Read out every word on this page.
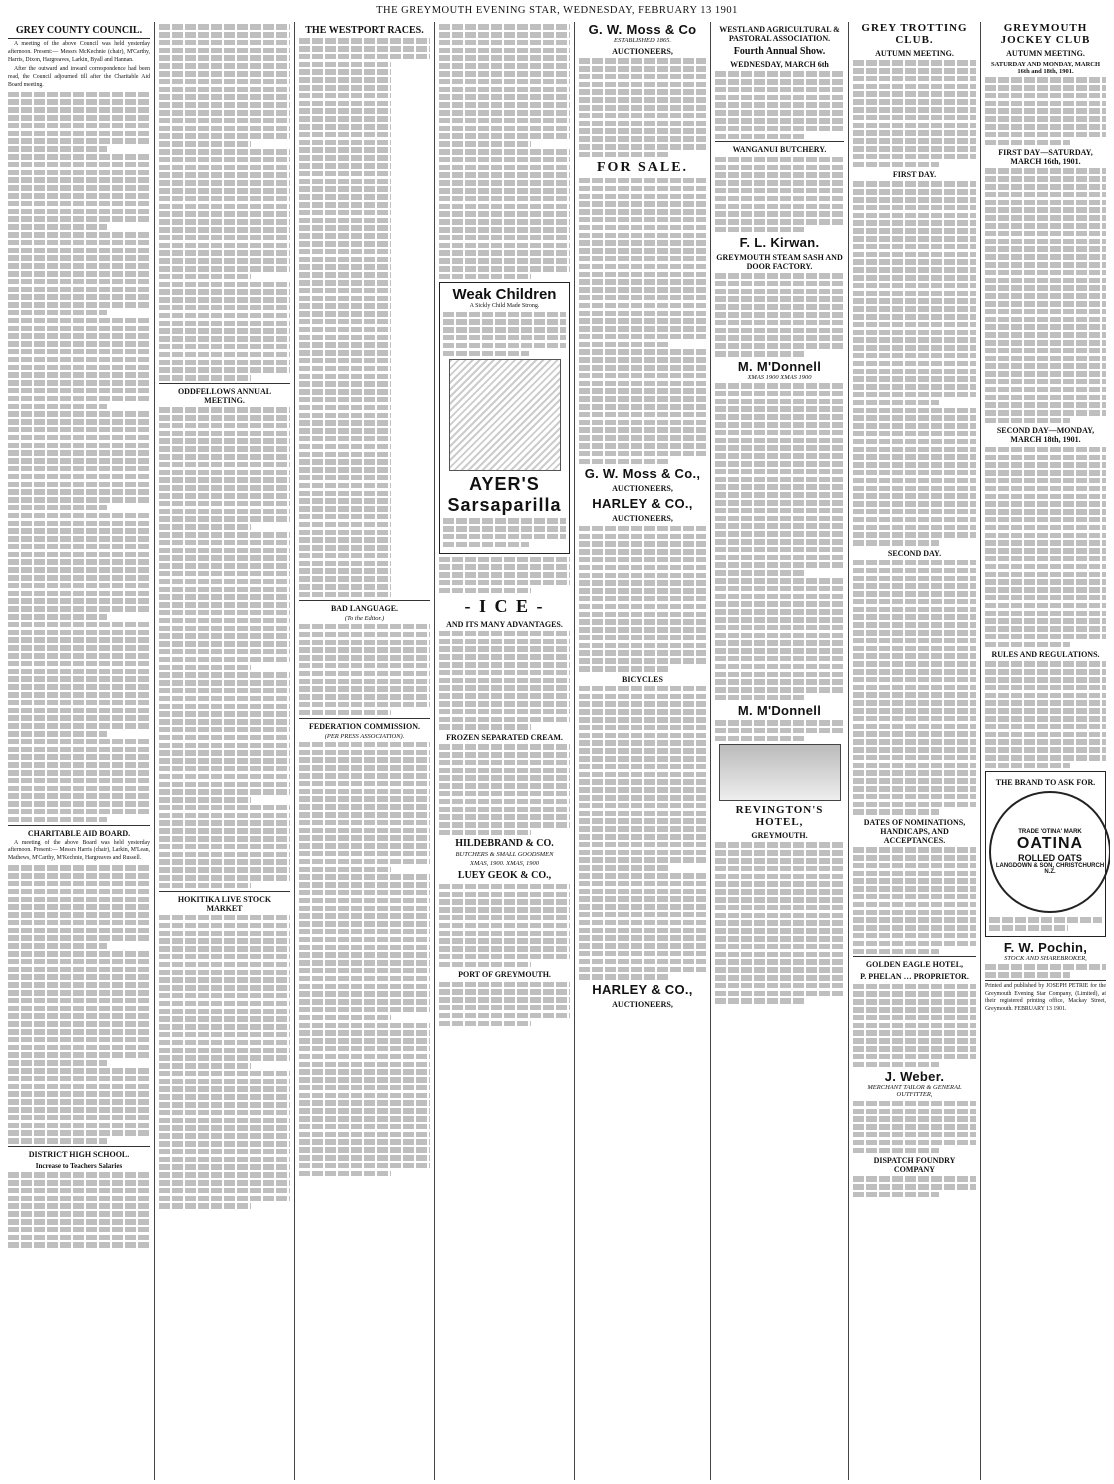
THE GREYMOUTH EVENING STAR, WEDNESDAY, FEBRUARY 13 1901
GREY COUNTY COUNCIL.

A meeting of the above Council was held yesterday afternoon. Present:— Messrs McKechnie (chair), M'Carthy, Harris, Dixon, Hargreaves, Larkin, Byall and Hannan.

After the outward and inward correspondence had been read, the Council adjourned till after the Charitable Aid Board meeting.

CHARITABLE AID BOARD.

A meeting of the above Board was held yesterday afternoon. Present:— Messrs Harris (chair), Larkin, M'Lean, Mathews, M'Carthy, M'Kechnie, Hargreaves and Russell.

DISTRICT HIGH SCHOOL.
Increase to Teachers Salaries
ODDFELLOWS ANNUAL MEETING.
HOKITIKA LIVE STOCK MARKET
THE WESTPORT RACES.
BAD LANGUAGE.
(To the Editor.)
FEDERATION COMMISSION.
(PER PRESS ASSOCIATION).
Weak Children
A Sickly Child Made Strong.
AYER'S Sarsaparilla
- I C E -
AND ITS MANY ADVANTAGES.
FROZEN SEPARATED CREAM.
HILDEBRAND & CO.
BUTCHERS & SMALL GOODSMEN
XMAS, 1900. XMAS, 1900
LUEY GEOK & CO.,
PORT OF GREYMOUTH.
G. W. Moss & Co
ESTABLISHED 1865.
AUCTIONEERS,
FOR SALE.
G. W. Moss & Co.,
AUCTIONEERS,
HARLEY & CO.,
AUCTIONEERS,
BICYCLES
HARLEY & CO.,
AUCTIONEERS,
WESTLAND AGRICULTURAL & PASTORAL ASSOCIATION.
Fourth Annual Show.
WEDNESDAY, MARCH 6th
WANGANUI BUTCHERY.
F. L. Kirwan.
GREYMOUTH STEAM SASH AND DOOR FACTORY.
M. M'Donnell
XMAS 1900 XMAS 1900
M. M'Donnell
REVINGTON'S HOTEL,
GREYMOUTH.
GREY TROTTING CLUB.
AUTUMN MEETING.
FIRST DAY.
SECOND DAY.
DATES OF NOMINATIONS, HANDICAPS, AND ACCEPTANCES.
GOLDEN EAGLE HOTEL,
P. PHELAN … PROPRIETOR.
J. Weber.
MERCHANT TAILOR & GENERAL OUTFITTER,
DISPATCH FOUNDRY COMPANY
GREYMOUTH JOCKEY CLUB
AUTUMN MEETING.
SATURDAY AND MONDAY, MARCH 16th and 18th, 1901.
FIRST DAY—SATURDAY, MARCH 16th, 1901.
SECOND DAY—MONDAY, MARCH 18th, 1901.
RULES AND REGULATIONS.
THE BRAND TO ASK FOR.
TRADE 'OTINA' MARK
OATINA
ROLLED OATS
LANGDOWN & SON, CHRISTCHURCH N.Z.
F. W. Pochin,
STOCK AND SHAREBROKER,

Printed and published by JOSEPH PETRIE for the Greymouth Evening Star Company, (Limited), at their registered printing office, Mackay Street, Greymouth. FEBRUARY 13 1901.
